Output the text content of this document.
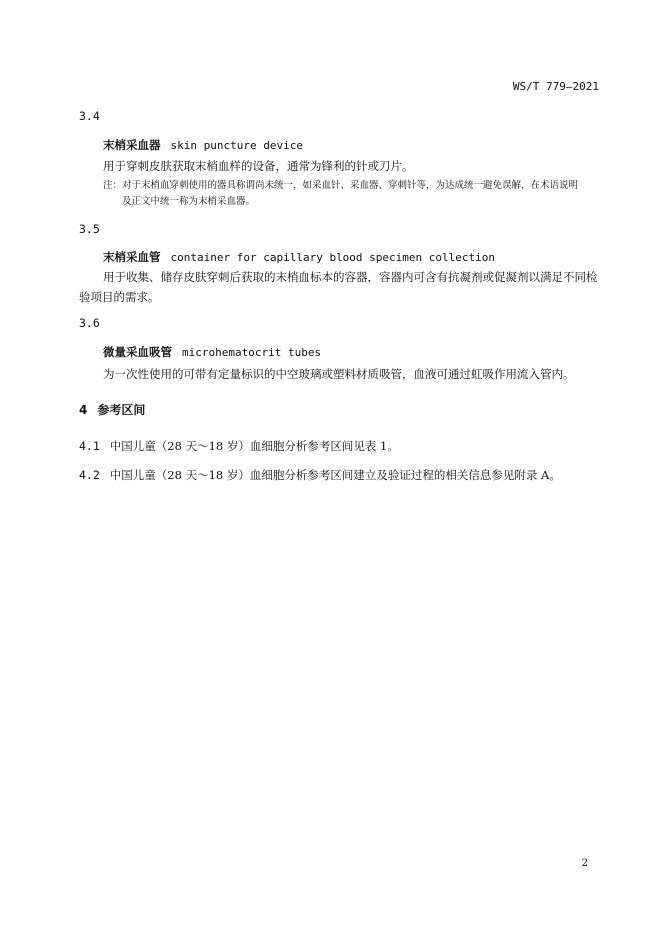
WS/T 779—2021
3.4
末梢采血器 skin puncture device
用于穿刺皮肤获取末梢血样的设备，通常为锋利的针或刀片。
注：对于末梢血穿刺使用的器具称谓尚未统一，如采血针、采血器、穿刺针等，为达成统一避免误解，在术语说明
及正文中统一称为末梢采血器。
3.5
末梢采血管 container for capillary blood specimen collection
用于收集、储存皮肤穿刺后获取的末梢血标本的容器，容器内可含有抗凝剂或促凝剂以满足不同检
验项目的需求。
3.6
微量采血吸管 microhematocrit tubes
为一次性使用的可带有定量标识的中空玻璃或塑料材质吸管，血液可通过虹吸作用流入管内。
4 参考区间
4.1 中国儿童（28 天～18 岁）血细胞分析参考区间见表 1。
4.2 中国儿童（28 天～18 岁）血细胞分析参考区间建立及验证过程的相关信息参见附录 A。
2
